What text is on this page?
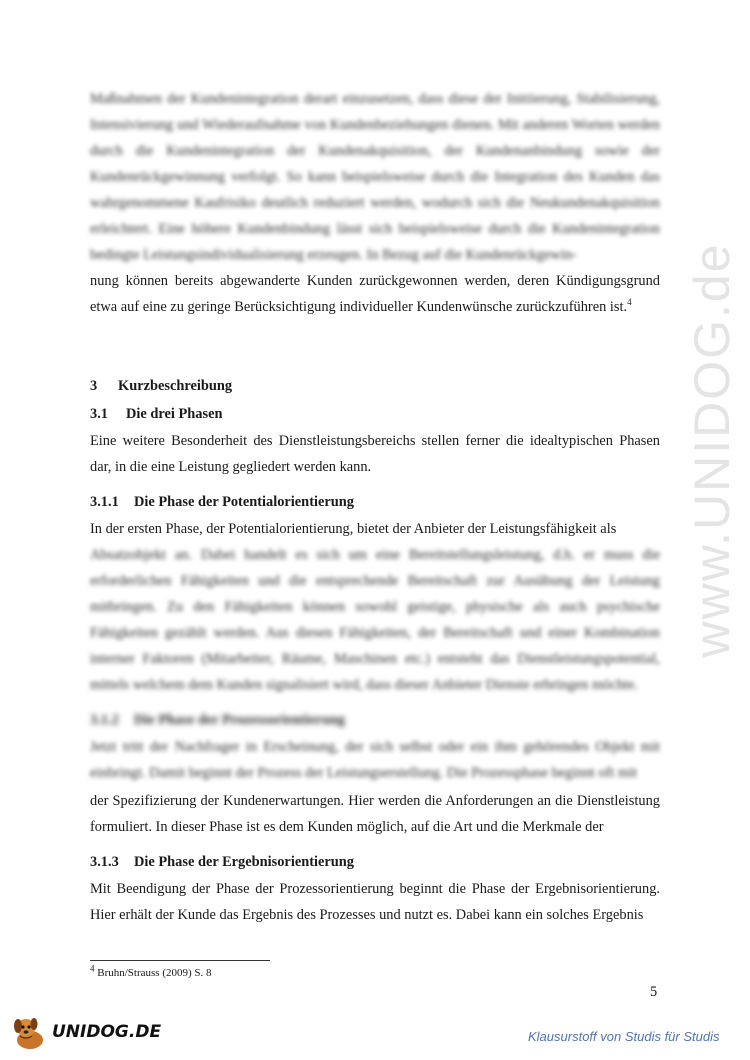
www.UNIDOG.de
Maßnahmen der Kundenintegration derart einzusetzen, dass diese der Initiierung, Stabilisierung, Intensivierung und Wiederaufnahme von Kundenbeziehungen dienen. Mit anderen Worten werden durch die Kundenintegration der Kundenakquisition, der Kundenanbindung sowie der Kundenrückgewinnung verfolgt. So kann beispielsweise durch die Integration des Kunden das wahrgenommene Kaufrisiko deutlich reduziert werden, wodurch sich die Neukundenakquisition erleichtert. Eine höhere Kundenbindung lässt sich beispielsweise durch die Kundenintegration bedingte Leistungsindividualisierung erzeugen. In Bezug auf die Kundenrückgewin-
nung können bereits abgewanderte Kunden zurückgewonnen werden, deren Kündigungsgrund etwa auf eine zu geringe Berücksichtigung individueller Kundenwünsche zurückzuführen ist.$^4$
3 Kurzbeschreibung
3.1 Die drei Phasen
Eine weitere Besonderheit des Dienstleistungsbereichs stellen ferner die idealtypischen Phasen dar, in die eine Leistung gegliedert werden kann.
3.1.1 Die Phase der Potentialorientierung
In der ersten Phase, der Potentialorientierung, bietet der Anbieter der Leistungsfähigkeit als
Absatzobjekt an. Dabei handelt es sich um eine Bereitstellungsleistung, d.h. er muss die erforderlichen Fähigkeiten und die entsprechende Bereitschaft zur Ausübung der Leistung mitbringen. Zu den Fähigkeiten können sowohl geistige, physische als auch psychische Fähigkeiten gezählt werden. Aus diesen Fähigkeiten, der Bereitschaft und einer Kombination interner Faktoren (Mitarbeiter, Räume, Maschinen etc.) entsteht das Dienstleistungspotential, mittels welchem dem Kunden signalisiert wird, dass dieser Anbieter Dienste erbringen möchte.
3.1.2 Die Phase der Prozessorientierung
Jetzt tritt der Nachfrager in Erscheinung, der sich selbst oder ein ihm gehörendes Objekt mit einbringt. Damit beginnt der Prozess der Leistungserstellung. Die Prozessphase beginnt oft mit
der Spezifizierung der Kundenerwartungen. Hier werden die Anforderungen an die Dienstleistung formuliert. In dieser Phase ist es dem Kunden möglich, auf die Art und die Merkmale der
3.1.3 Die Phase der Ergebnisorientierung
Mit Beendigung der Phase der Prozessorientierung beginnt die Phase der Ergebnisorientierung. Hier erhält der Kunde das Ergebnis des Prozesses und nutzt es. Dabei kann ein solches Ergebnis
$^4$ Bruhn/Strauss (2009) S. 8
5
UNIDOG.DE	Klausurstoff von Studis für Studis
